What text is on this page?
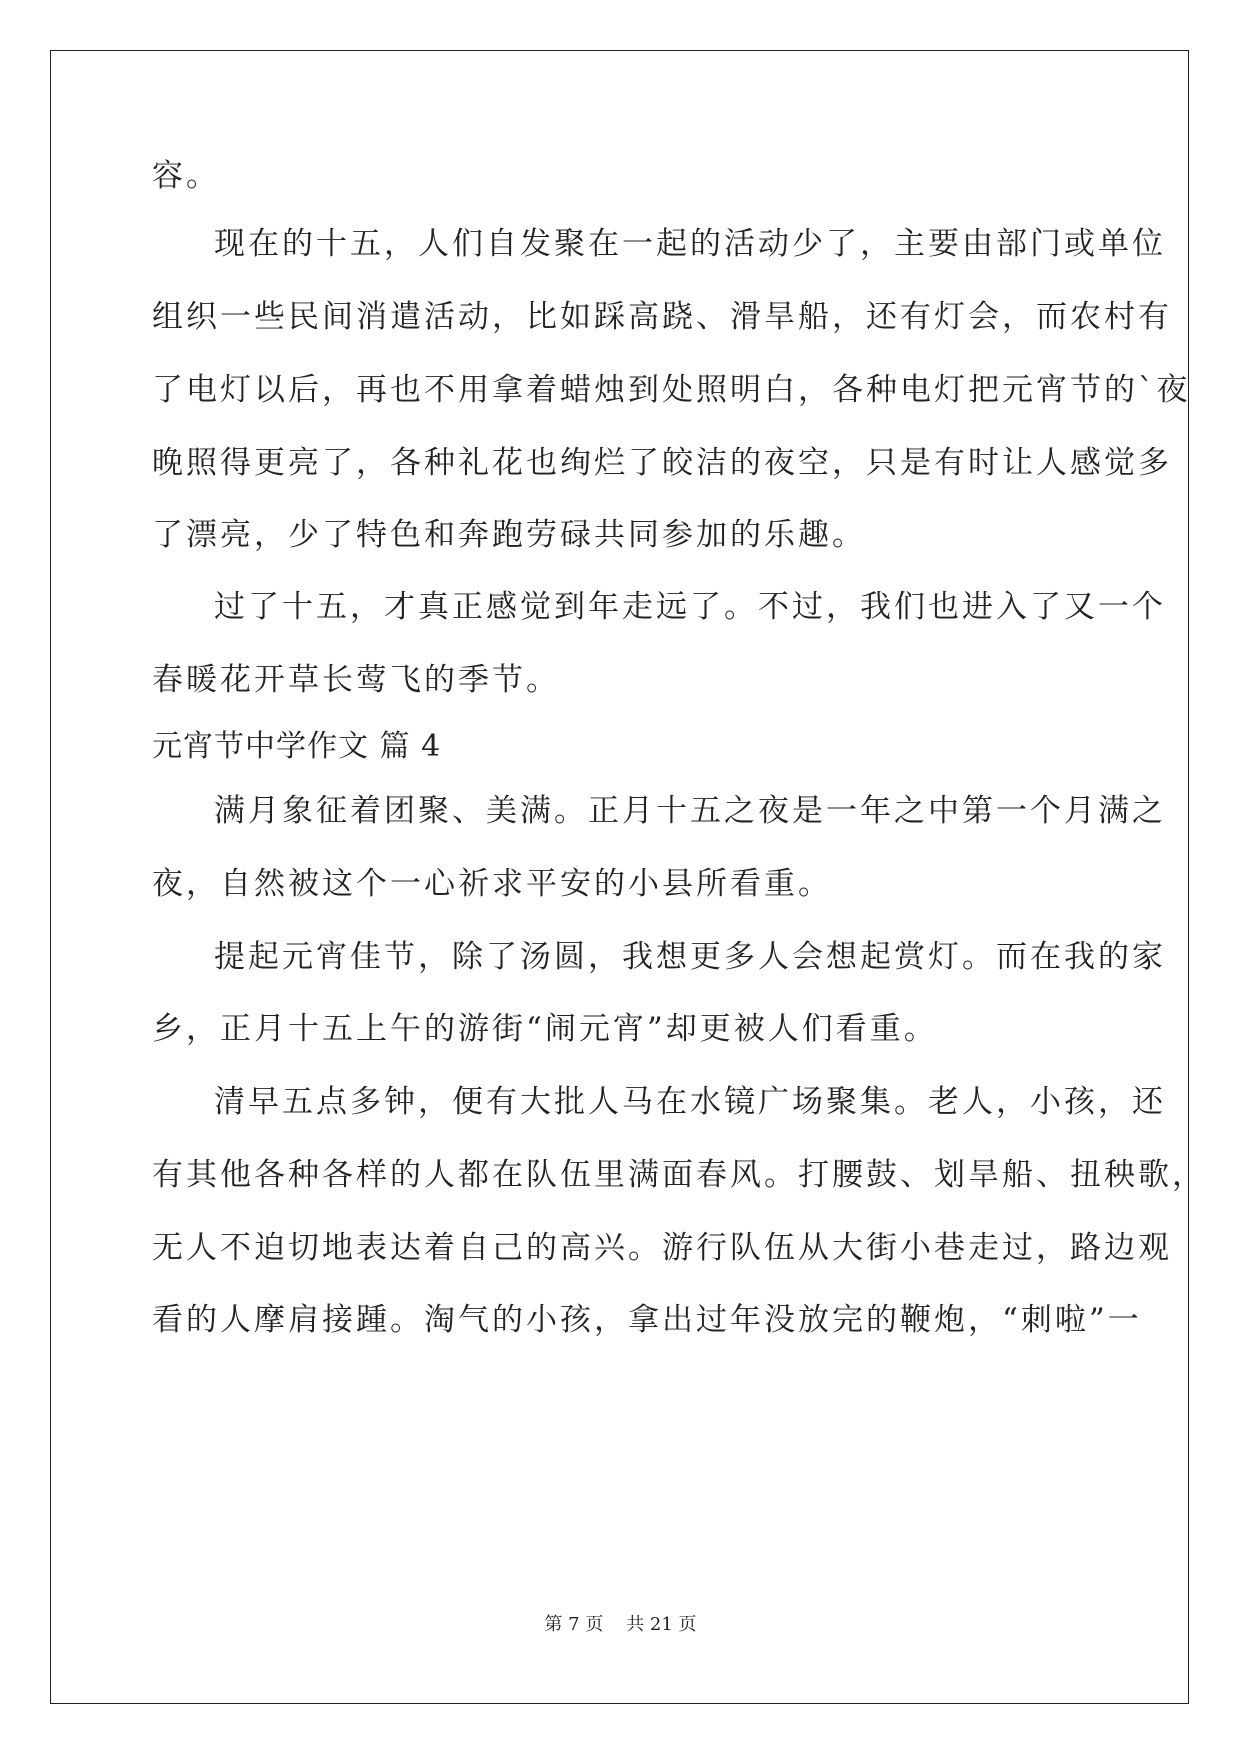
容。

现在的十五，人们自发聚在一起的活动少了，主要由部门或单位

组织一些民间消遣活动，比如踩高跷、滑旱船，还有灯会，而农村有

了电灯以后，再也不用拿着蜡烛到处照明白，各种电灯把元宵节的`夜

晚照得更亮了，各种礼花也绚烂了皎洁的夜空，只是有时让人感觉多

了漂亮，少了特色和奔跑劳碌共同参加的乐趣。

过了十五，才真正感觉到年走远了。不过，我们也进入了又一个

春暖花开草长莺飞的季节。

元宵节中学作文 篇 4

满月象征着团聚、美满。正月十五之夜是一年之中第一个月满之

夜，自然被这个一心祈求平安的小县所看重。

提起元宵佳节，除了汤圆，我想更多人会想起赏灯。而在我的家

乡，正月十五上午的游街“闹元宵”却更被人们看重。

清早五点多钟，便有大批人马在水镜广场聚集。老人，小孩，还

有其他各种各样的人都在队伍里满面春风。打腰鼓、划旱船、扭秧歌，

无人不迫切地表达着自己的高兴。游行队伍从大街小巷走过，路边观

看的人摩肩接踵。淘气的小孩，拿出过年没放完的鞭炮，“刺啦”一

第 7 页    共 21 页
